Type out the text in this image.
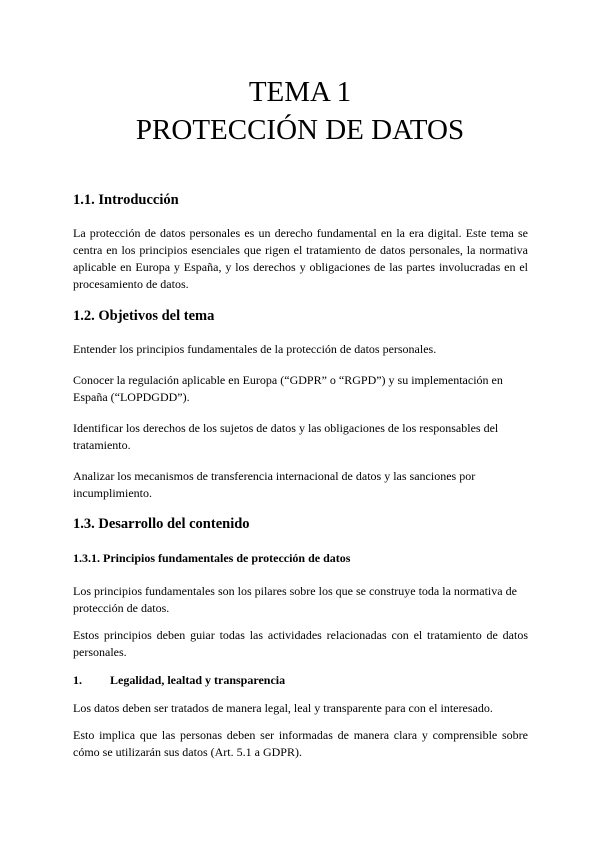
TEMA 1
PROTECCIÓN DE DATOS
1.1. Introducción

La protección de datos personales es un derecho fundamental en la era digital. Este tema se centra en los principios esenciales que rigen el tratamiento de datos personales, la normativa aplicable en Europa y España, y los derechos y obligaciones de las partes involucradas en el procesamiento de datos.

1.2. Objetivos del tema

Entender los principios fundamentales de la protección de datos personales.

Conocer la regulación aplicable en Europa (“GDPR” o “RGPD”) y su implementación en España (“LOPDGDD”).

Identificar los derechos de los sujetos de datos y las obligaciones de los responsables del tratamiento.

Analizar los mecanismos de transferencia internacional de datos y las sanciones por incumplimiento.

1.3. Desarrollo del contenido
1.3.1. Principios fundamentales de protección de datos

Los principios fundamentales son los pilares sobre los que se construye toda la normativa de protección de datos.

Estos principios deben guiar todas las actividades relacionadas con el tratamiento de datos personales.

1. Legalidad, lealtad y transparencia

Los datos deben ser tratados de manera legal, leal y transparente para con el interesado.

Esto implica que las personas deben ser informadas de manera clara y comprensible sobre cómo se utilizarán sus datos (Art. 5.1 a GDPR).
